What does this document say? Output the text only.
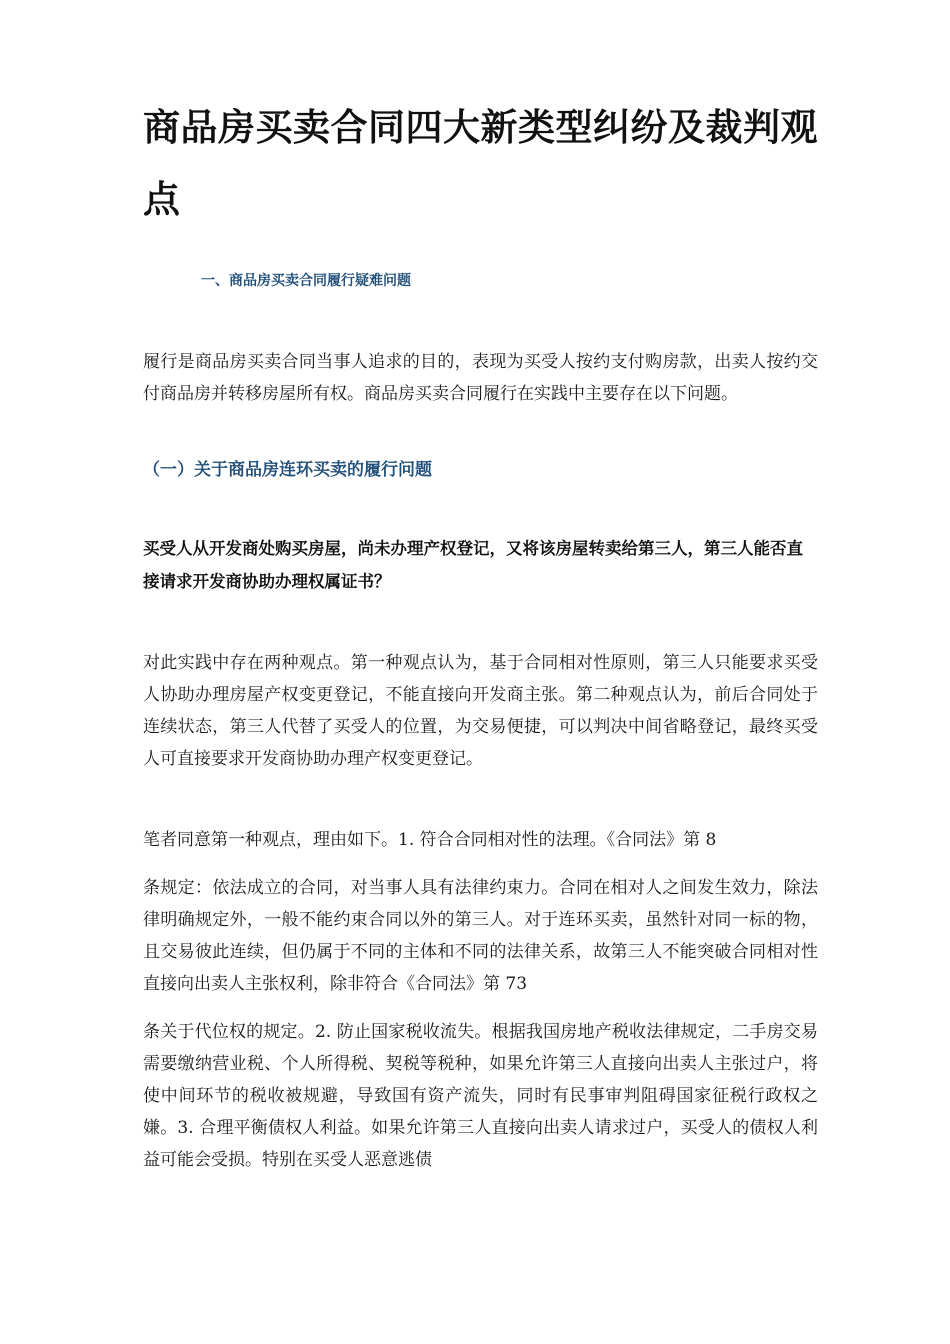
商品房买卖合同四大新类型纠纷及裁判观点
一、商品房买卖合同履行疑难问题

履行是商品房买卖合同当事人追求的目的，表现为买受人按约支付购房款，出卖人按约交付商品房并转移房屋所有权。商品房买卖合同履行在实践中主要存在以下问题。

（一）关于商品房连环买卖的履行问题
买受人从开发商处购买房屋，尚未办理产权登记，又将该房屋转卖给第三人，第三人能否直接请求开发商协助办理权属证书？

对此实践中存在两种观点。第一种观点认为，基于合同相对性原则，第三人只能要求买受人协助办理房屋产权变更登记，不能直接向开发商主张。第二种观点认为，前后合同处于连续状态，第三人代替了买受人的位置，为交易便捷，可以判决中间省略登记，最终买受人可直接要求开发商协助办理产权变更登记。

笔者同意第一种观点，理由如下。1. 符合合同相对性的法理。《合同法》第 8

条规定：依法成立的合同，对当事人具有法律约束力。合同在相对人之间发生效力，除法律明确规定外，一般不能约束合同以外的第三人。对于连环买卖，虽然针对同一标的物，且交易彼此连续，但仍属于不同的主体和不同的法律关系，故第三人不能突破合同相对性直接向出卖人主张权利，除非符合《合同法》第 73

条关于代位权的规定。2. 防止国家税收流失。根据我国房地产税收法律规定，二手房交易需要缴纳营业税、个人所得税、契税等税种，如果允许第三人直接向出卖人主张过户，将使中间环节的税收被规避，导致国有资产流失，同时有民事审判阻碍国家征税行政权之嫌。3. 合理平衡债权人利益。如果允许第三人直接向出卖人请求过户，买受人的债权人利益可能会受损。特别在买受人恶意逃债
